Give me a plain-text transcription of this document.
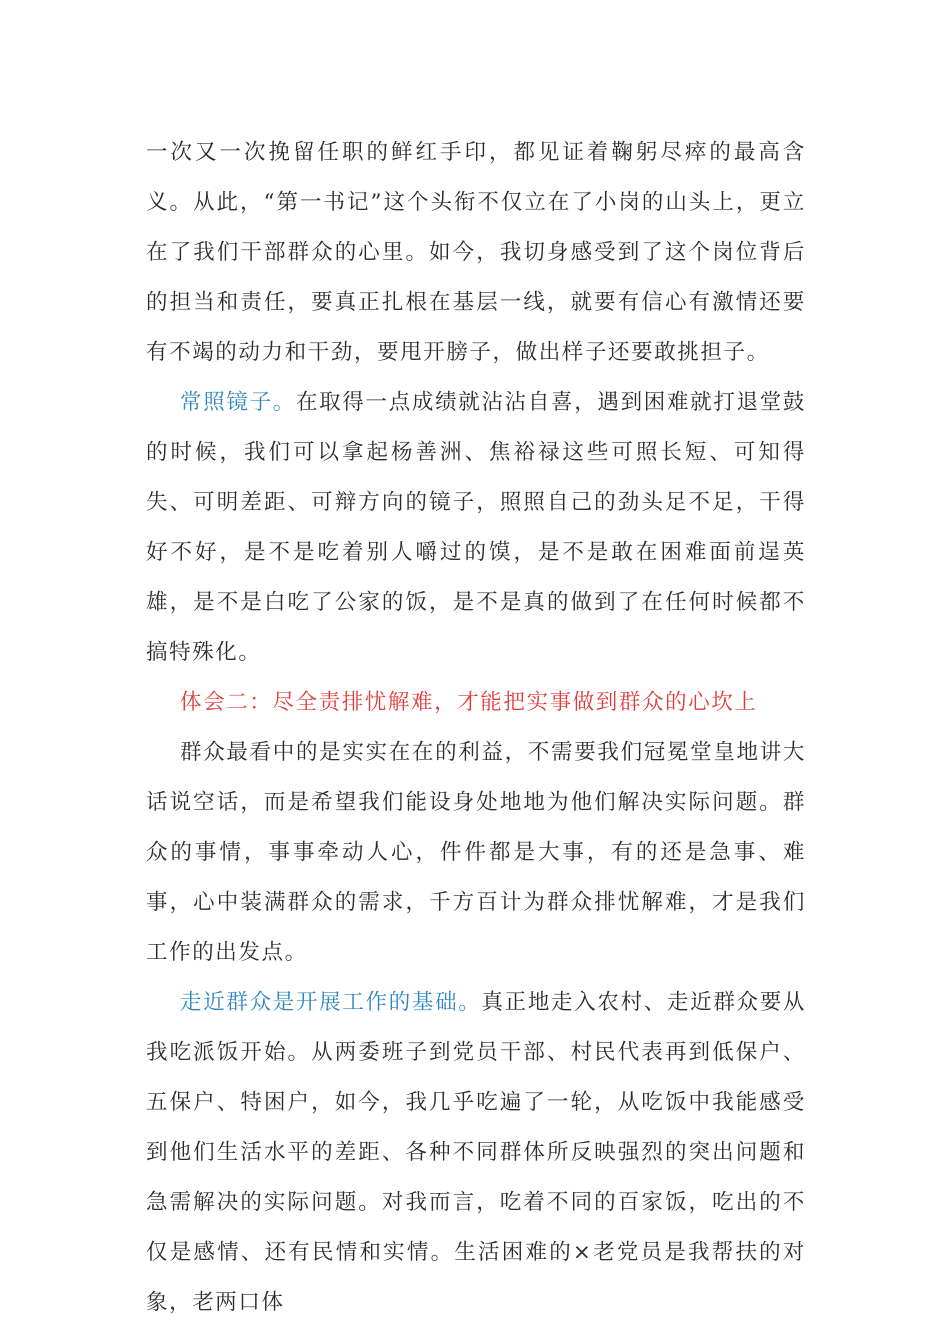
一次又一次挽留任职的鲜红手印，都见证着鞠躬尽瘁的最高含义。从此，“第一书记”这个头衔不仅立在了小岗的山头上，更立在了我们干部群众的心里。如今，我切身感受到了这个岗位背后的担当和责任，要真正扎根在基层一线，就要有信心有激情还要有不竭的动力和干劲，要甩开膀子，做出样子还要敢挑担子。

常照镜子。在取得一点成绩就沾沾自喜，遇到困难就打退堂鼓的时候，我们可以拿起杨善洲、焦裕禄这些可照长短、可知得失、可明差距、可辩方向的镜子，照照自己的劲头足不足，干得好不好，是不是吃着别人嚼过的馍，是不是敢在困难面前逞英雄，是不是白吃了公家的饭，是不是真的做到了在任何时候都不搞特殊化。

体会二：尽全责排忧解难，才能把实事做到群众的心坎上

群众最看中的是实实在在的利益，不需要我们冠冕堂皇地讲大话说空话，而是希望我们能设身处地地为他们解决实际问题。群众的事情，事事牵动人心，件件都是大事，有的还是急事、难事，心中装满群众的需求，千方百计为群众排忧解难，才是我们工作的出发点。

走近群众是开展工作的基础。真正地走入农村、走近群众要从我吃派饭开始。从两委班子到党员干部、村民代表再到低保户、五保户、特困户，如今，我几乎吃遍了一轮，从吃饭中我能感受到他们生活水平的差距、各种不同群体所反映强烈的突出问题和急需解决的实际问题。对我而言，吃着不同的百家饭，吃出的不仅是感情、还有民情和实情。生活困难的×老党员是我帮扶的对象，老两口体
